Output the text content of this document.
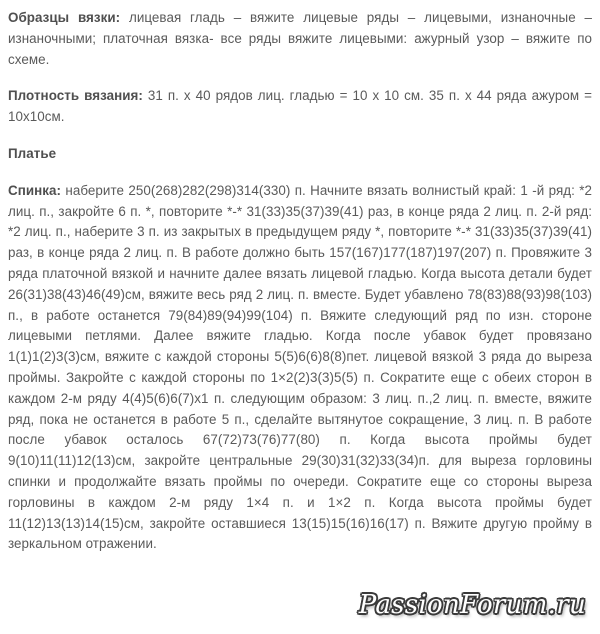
Образцы вязки: лицевая гладь – вяжите лицевые ряды – лицевыми, изнаночные – изнаночными; платочная вязка- все ряды вяжите лицевыми: ажурный узор – вяжите по схеме.

Плотность вязания: 31 п. х 40 рядов лиц. гладью = 10 х 10 см. 35 п. х 44 ряда ажуром = 10х10см.

Платье

Спинка: наберите 250(268)282(298)314(330) п. Начните вязать волнистый край: 1 -й ряд: *2 лиц. п., закройте 6 п. *, повторите *-* 31(33)35(37)39(41) раз, в конце ряда 2 лиц. п. 2-й ряд: *2 лиц. п., наберите 3 п. из закрытых в предыдущем ряду *, повторите *-* 31(33)35(37)39(41) раз, в конце ряда 2 лиц. п. В работе должно быть 157(167)177(187)197(207) п. Провяжите 3 ряда платочной вязкой и начните далее вязать лицевой гладью. Когда высота детали будет 26(31)38(43)46(49)см, вяжите весь ряд 2 лиц. п. вместе. Будет убавлено 78(83)88(93)98(103) п., в работе останется 79(84)89(94)99(104) п. Вяжите следующий ряд по изн. стороне лицевыми петлями. Далее вяжите гладью. Когда после убавок будет провязано 1(1)1(2)3(3)см, вяжите с каждой стороны 5(5)6(6)8(8)пет. лицевой вязкой 3 ряда до выреза проймы. Закройте с каждой стороны по 1×2(2)3(3)5(5) п. Сократите еще с обеих сторон в каждом 2-м ряду 4(4)5(6)6(7)х1 п. следующим образом: 3 лиц. п.,2 лиц. п. вместе, вяжите ряд, пока не останется в работе 5 п., сделайте вытянутое сокращение, 3 лиц. п. В работе после убавок осталось 67(72)73(76)77(80) п. Когда высота проймы будет 9(10)11(11)12(13)см, закройте центральные 29(30)31(32)33(34)п. для выреза горловины спинки и продолжайте вязать проймы по очереди. Сократите еще со стороны выреза горловины в каждом 2-м ряду 1×4 п. и 1×2 п. Когда высота проймы будет 11(12)13(13)14(15)см, закройте оставшиеся 13(15)15(16)16(17) п. Вяжите другую пройму в зеркальном отражении.

PassionForum.ru
